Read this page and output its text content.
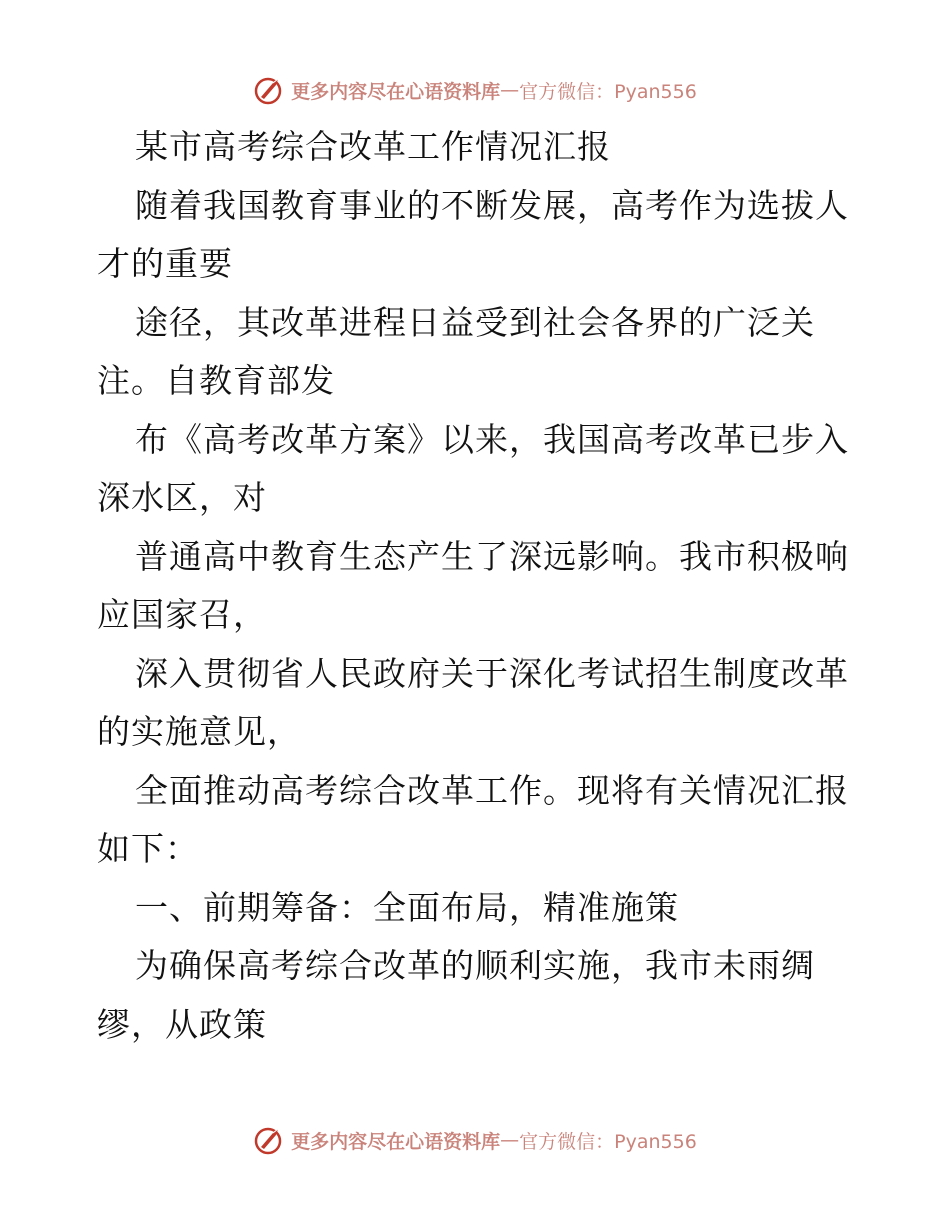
更多内容尽在心语资料库 — 官方微信：Pyan556
某市高考综合改革工作情况汇报
随着我国教育事业的不断发展，高考作为选拔人
才的重要
途径，其改革进程日益受到社会各界的广泛关
注。自教育部发
布《高考改革方案》以来，我国高考改革已步入
深水区，对
普通高中教育生态产生了深远影响。我市积极响
应国家召，
深入贯彻省人民政府关于深化考试招生制度改革
的实施意见，
全面推动高考综合改革工作。现将有关情况汇报
如下：
一、前期筹备：全面布局，精准施策
为确保高考综合改革的顺利实施，我市未雨绸
缪，从政策
更多内容尽在心语资料库 — 官方微信：Pyan556
